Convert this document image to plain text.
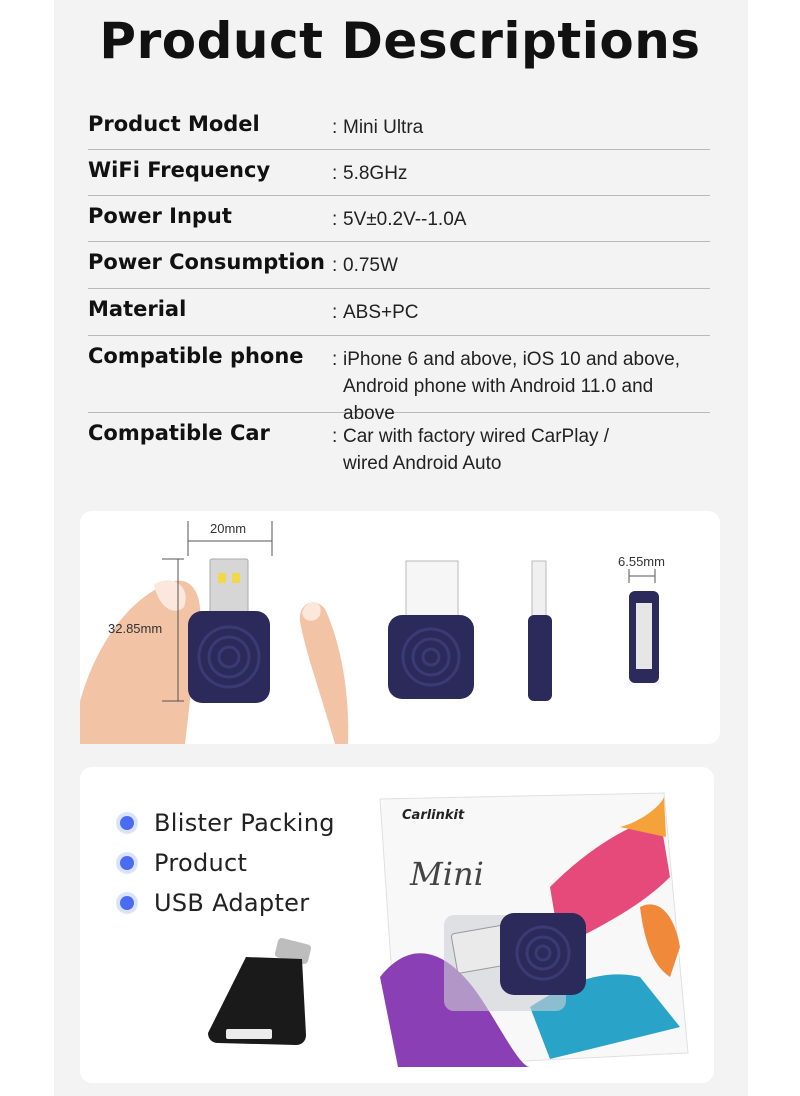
Product Descriptions
Product Model	: Mini Ultra
WiFi Frequency	: 5.8GHz
Power Input	: 5V±0.2V--1.0A
Power Consumption : 0.75W
Material	: ABS+PC
Compatible phone	: iPhone 6 and above, iOS 10 and above,
Android phone with Android 11.0 and above
Compatible Car	: Car with factory wired CarPlay /
wired Android Auto
20mm
32.85mm
6.55mm
Carlinkit
Mini
Blister Packing
Product
USB Adapter
